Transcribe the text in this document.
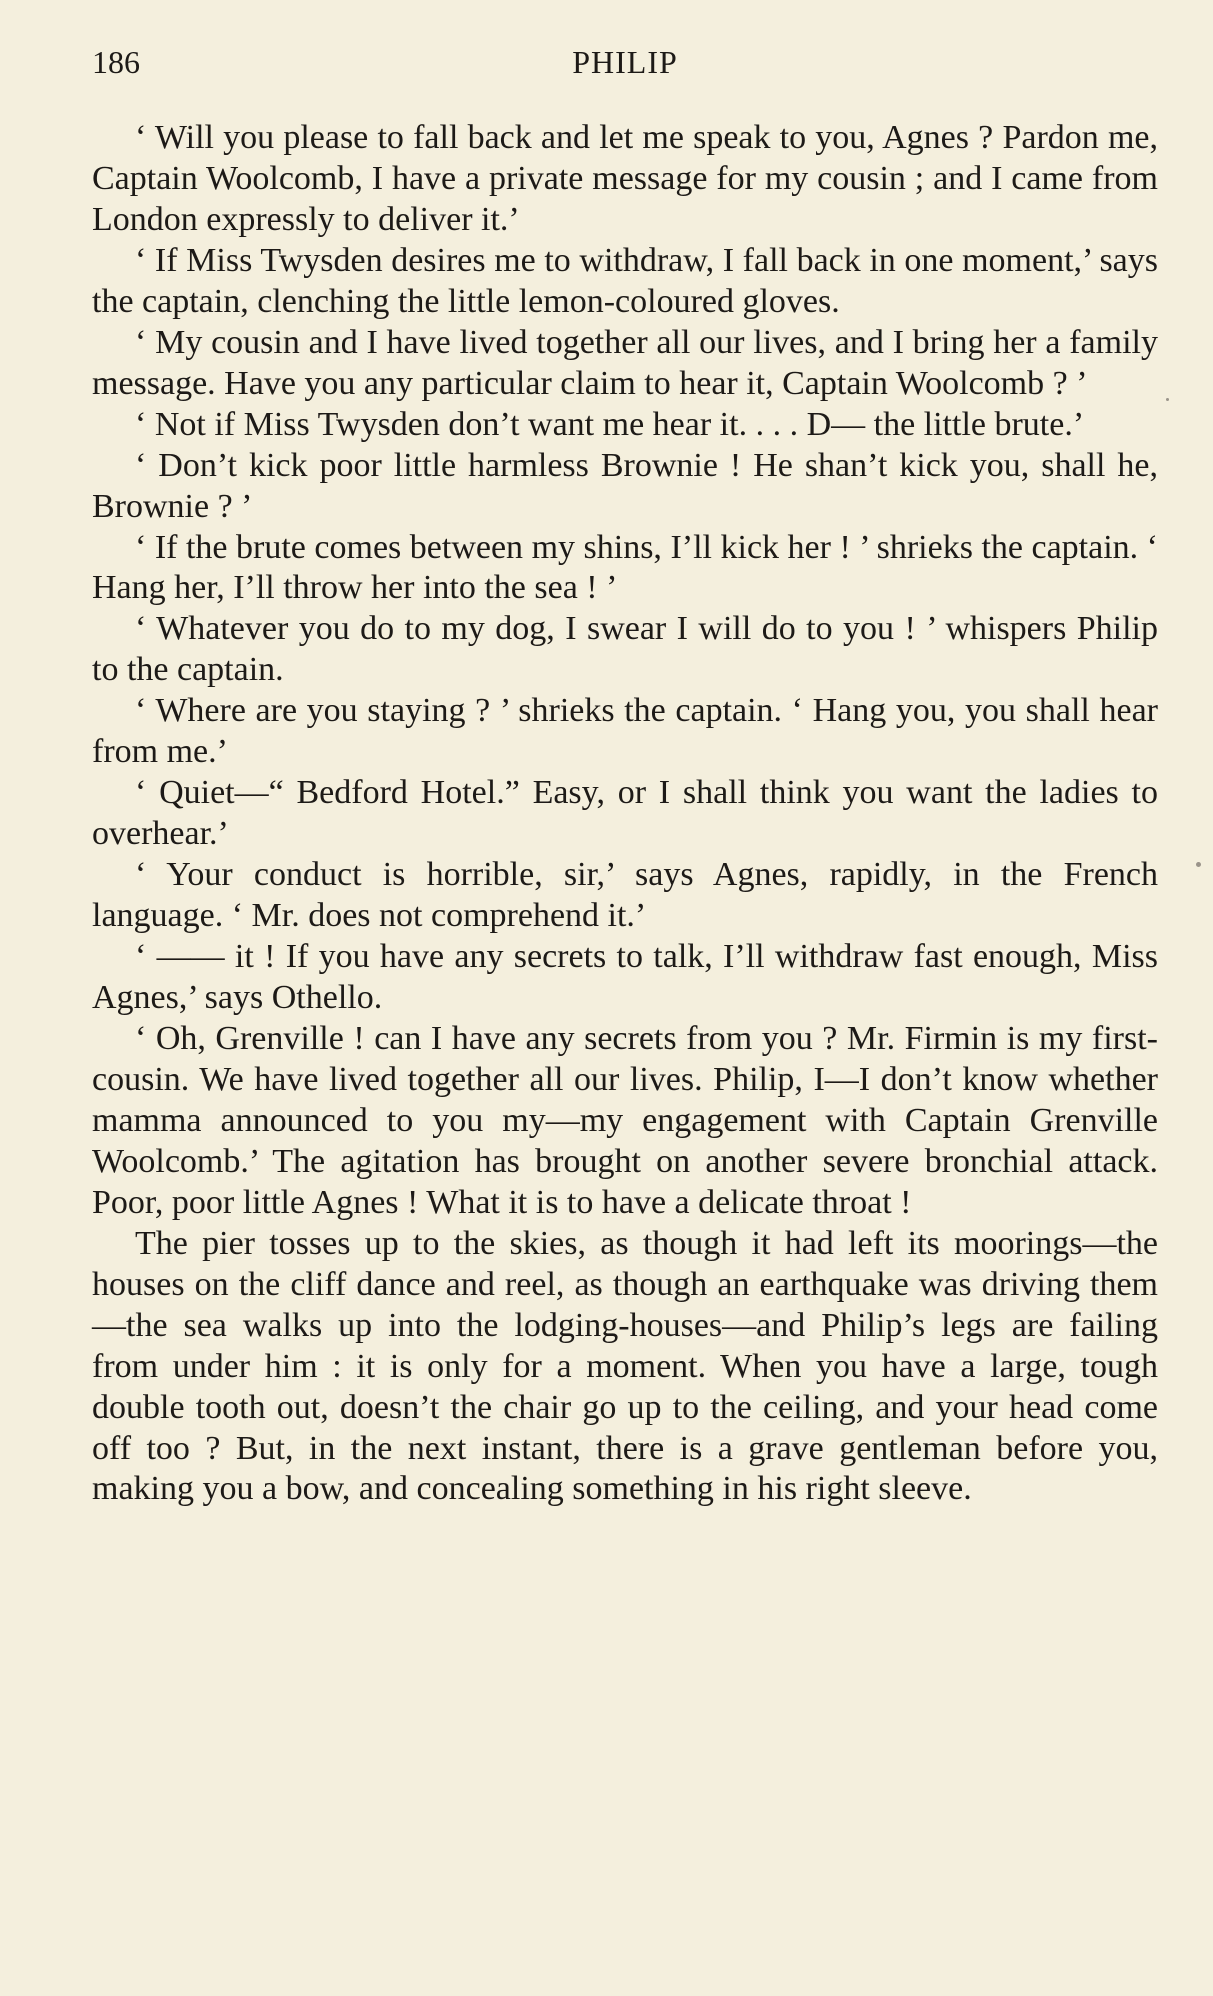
186	PHILIP

‘ Will you please to fall back and let me speak to you, Agnes ? Pardon me, Captain Woolcomb, I have a private message for my cousin ; and I came from London expressly to deliver it.’

‘ If Miss Twysden desires me to withdraw, I fall back in one moment,’ says the captain, clenching the little lemon-coloured gloves.

‘ My cousin and I have lived together all our lives, and I bring her a family message. Have you any particular claim to hear it, Captain Woolcomb ? ’

‘ Not if Miss Twysden don’t want me hear it. . . . D— the little brute.’

‘ Don’t kick poor little harmless Brownie ! He shan’t kick you, shall he, Brownie ? ’

‘ If the brute comes between my shins, I’ll kick her ! ’ shrieks the captain. ‘ Hang her, I’ll throw her into the sea ! ’

‘ Whatever you do to my dog, I swear I will do to you ! ’ whispers Philip to the captain.

‘ Where are you staying ? ’ shrieks the captain. ‘ Hang you, you shall hear from me.’

‘ Quiet—“ Bedford Hotel.” Easy, or I shall think you want the ladies to overhear.’

‘ Your conduct is horrible, sir,’ says Agnes, rapidly, in the French language. ‘ Mr. does not comprehend it.’

‘ —— it ! If you have any secrets to talk, I’ll withdraw fast enough, Miss Agnes,’ says Othello.

‘ Oh, Grenville ! can I have any secrets from you ? Mr. Firmin is my first-cousin. We have lived together all our lives. Philip, I—I don’t know whether mamma announced to you my—my engagement with Captain Grenville Woolcomb.’ The agitation has brought on another severe bronchial attack. Poor, poor little Agnes ! What it is to have a delicate throat !

The pier tosses up to the skies, as though it had left its moorings—the houses on the cliff dance and reel, as though an earthquake was driving them—the sea walks up into the lodging-houses—and Philip’s legs are failing from under him : it is only for a moment. When you have a large, tough double tooth out, doesn’t the chair go up to the ceiling, and your head come off too ? But, in the next instant, there is a grave gentleman before you, making you a bow, and concealing something in his right sleeve.
